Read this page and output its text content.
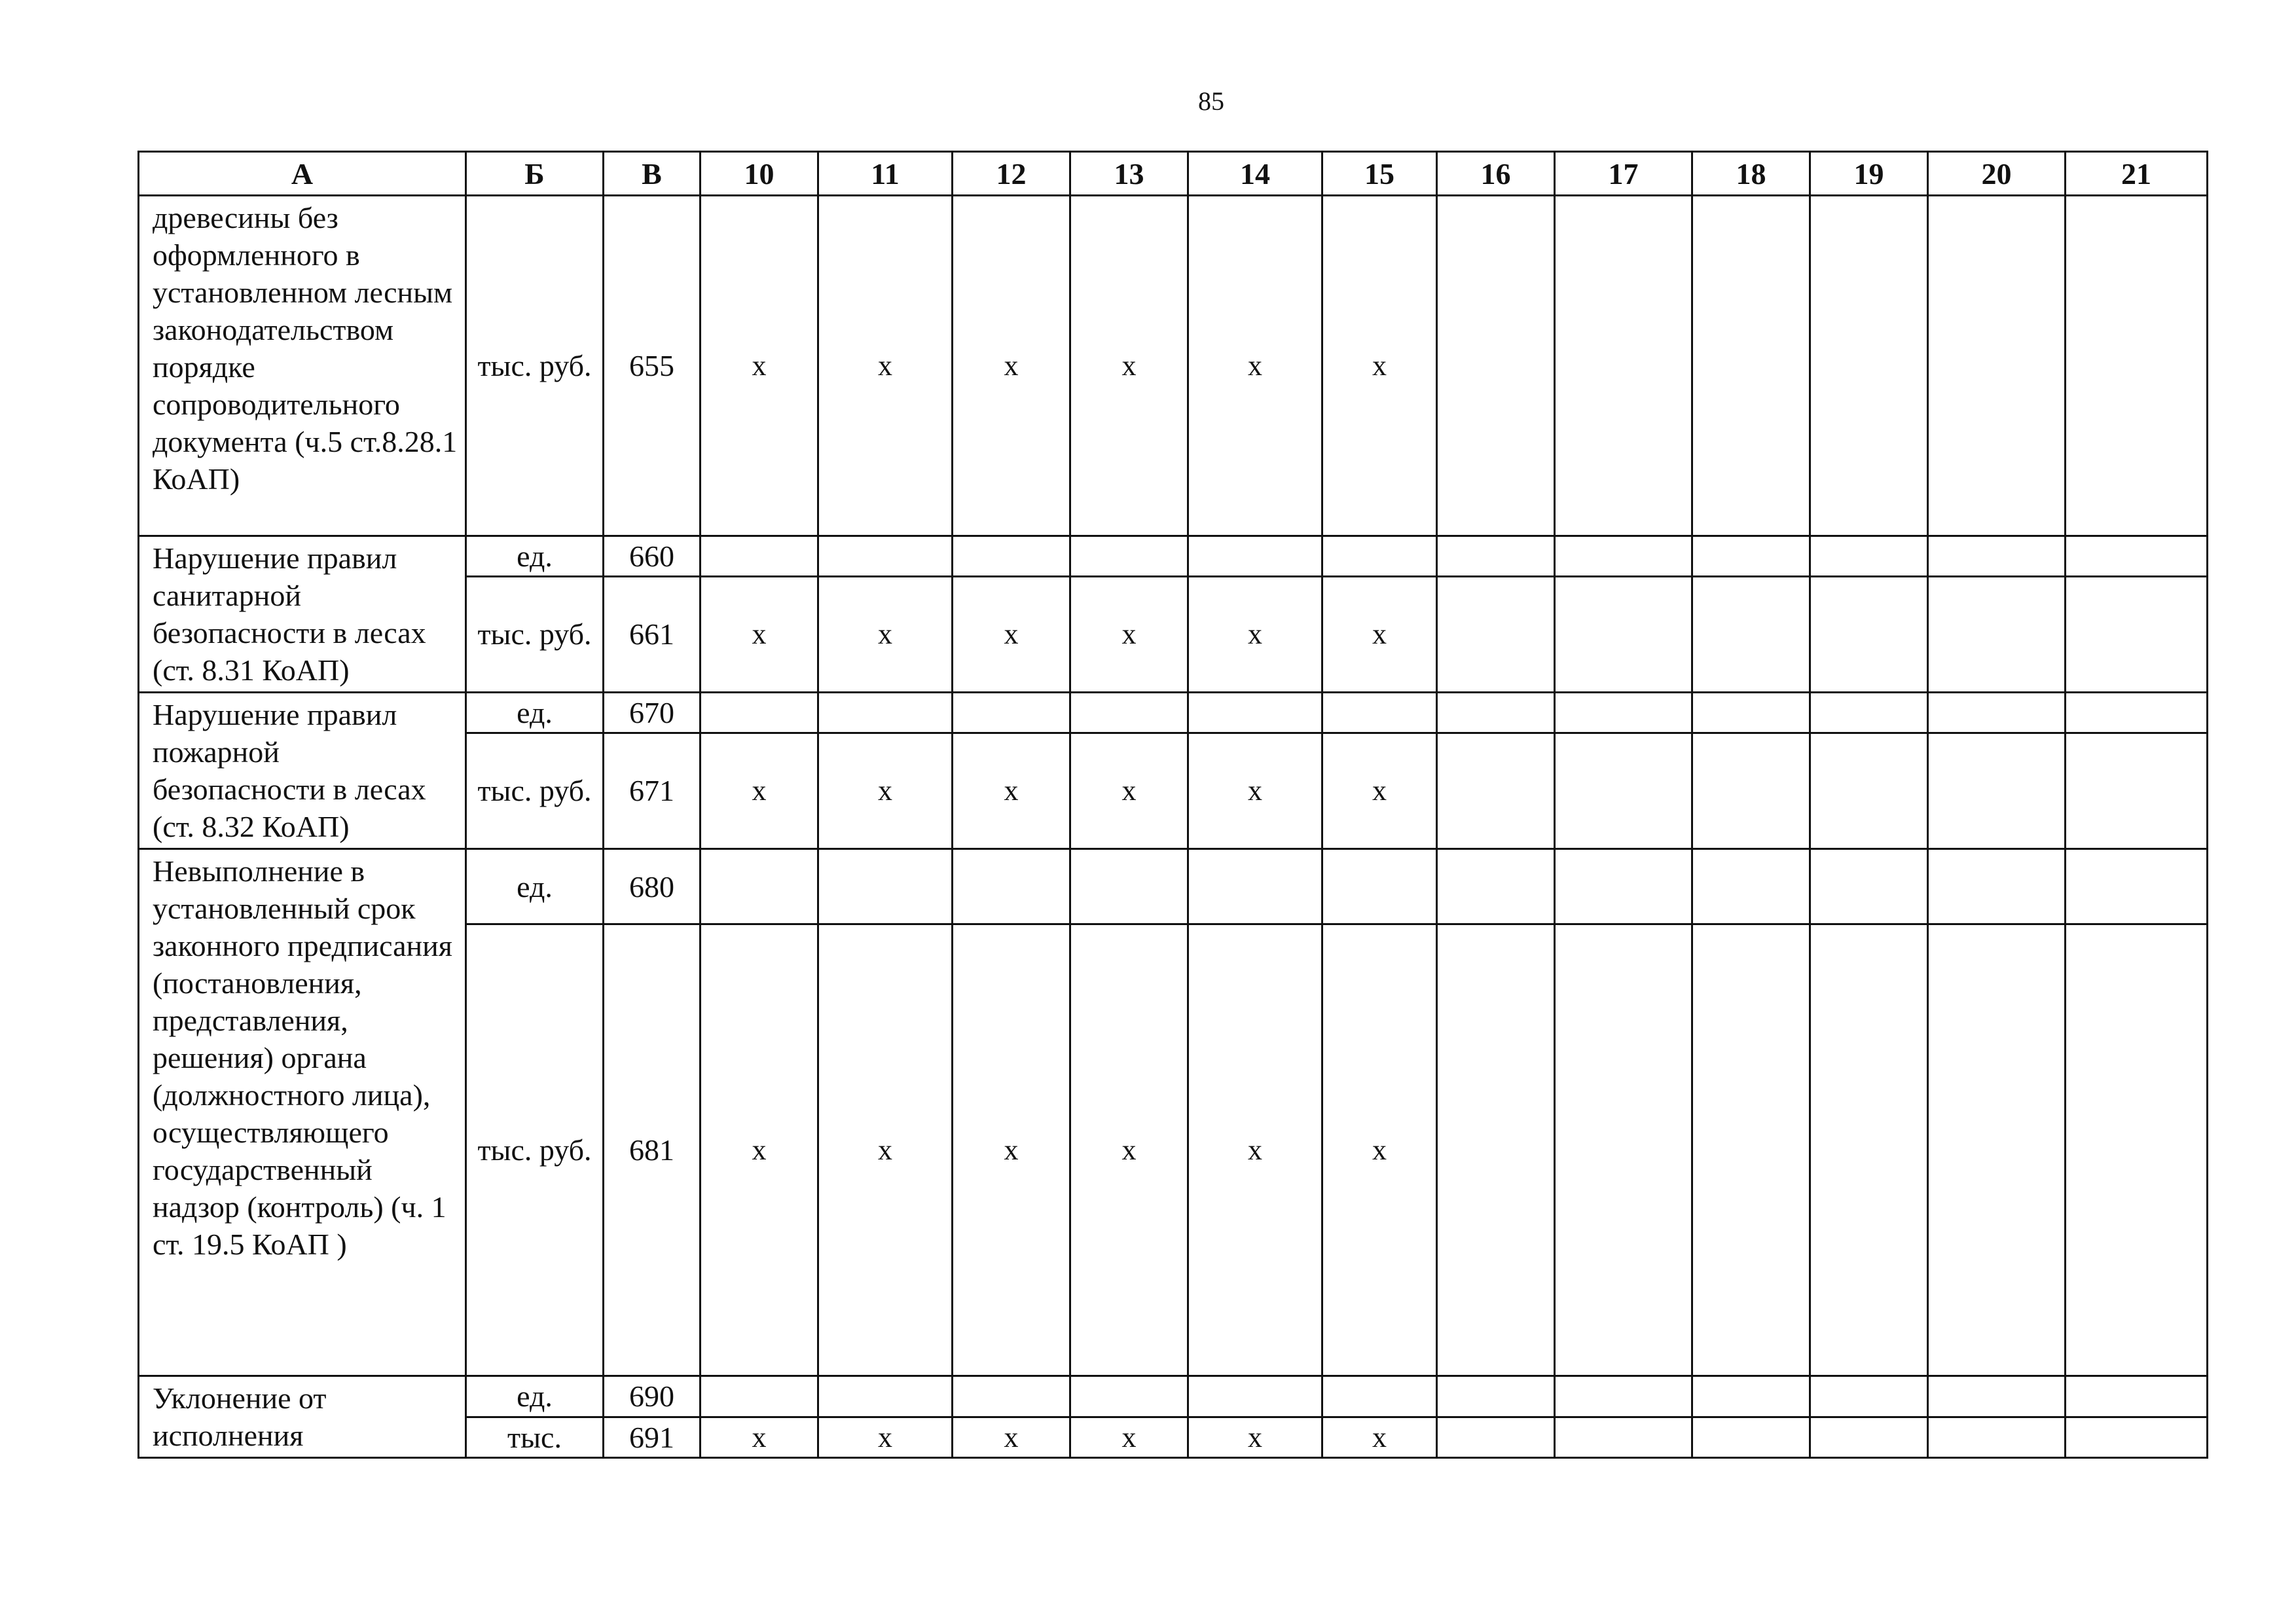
85
А	Б	В	10	11	12	13	14	15	16	17	18	19	20	21
древесины без оформленного в установленном лесным законодательством порядке сопроводительного документа (ч.5 ст.8.28.1 КоАП)	тыс. руб.	655	х	х	х	х	х	х						
Нарушение правил санитарной безопасности в лесах (ст. 8.31 КоАП)	ед.	660												
	тыс. руб.	661	х	х	х	х	х	х						
Нарушение правил пожарной безопасности в лесах (ст. 8.32 КоАП)	ед.	670												
	тыс. руб.	671	х	х	х	х	х	х						
Невыполнение в установленный срок законного предписания (постановления, представления, решения) органа (должностного лица), осуществляющего государственный надзор (контроль) (ч. 1 ст. 19.5 КоАП )	ед.	680												
	тыс. руб.	681	х	х	х	х	х	х						
Уклонение от исполнения	ед.	690												
	тыс.	691	х	х	х	х	х	х						
